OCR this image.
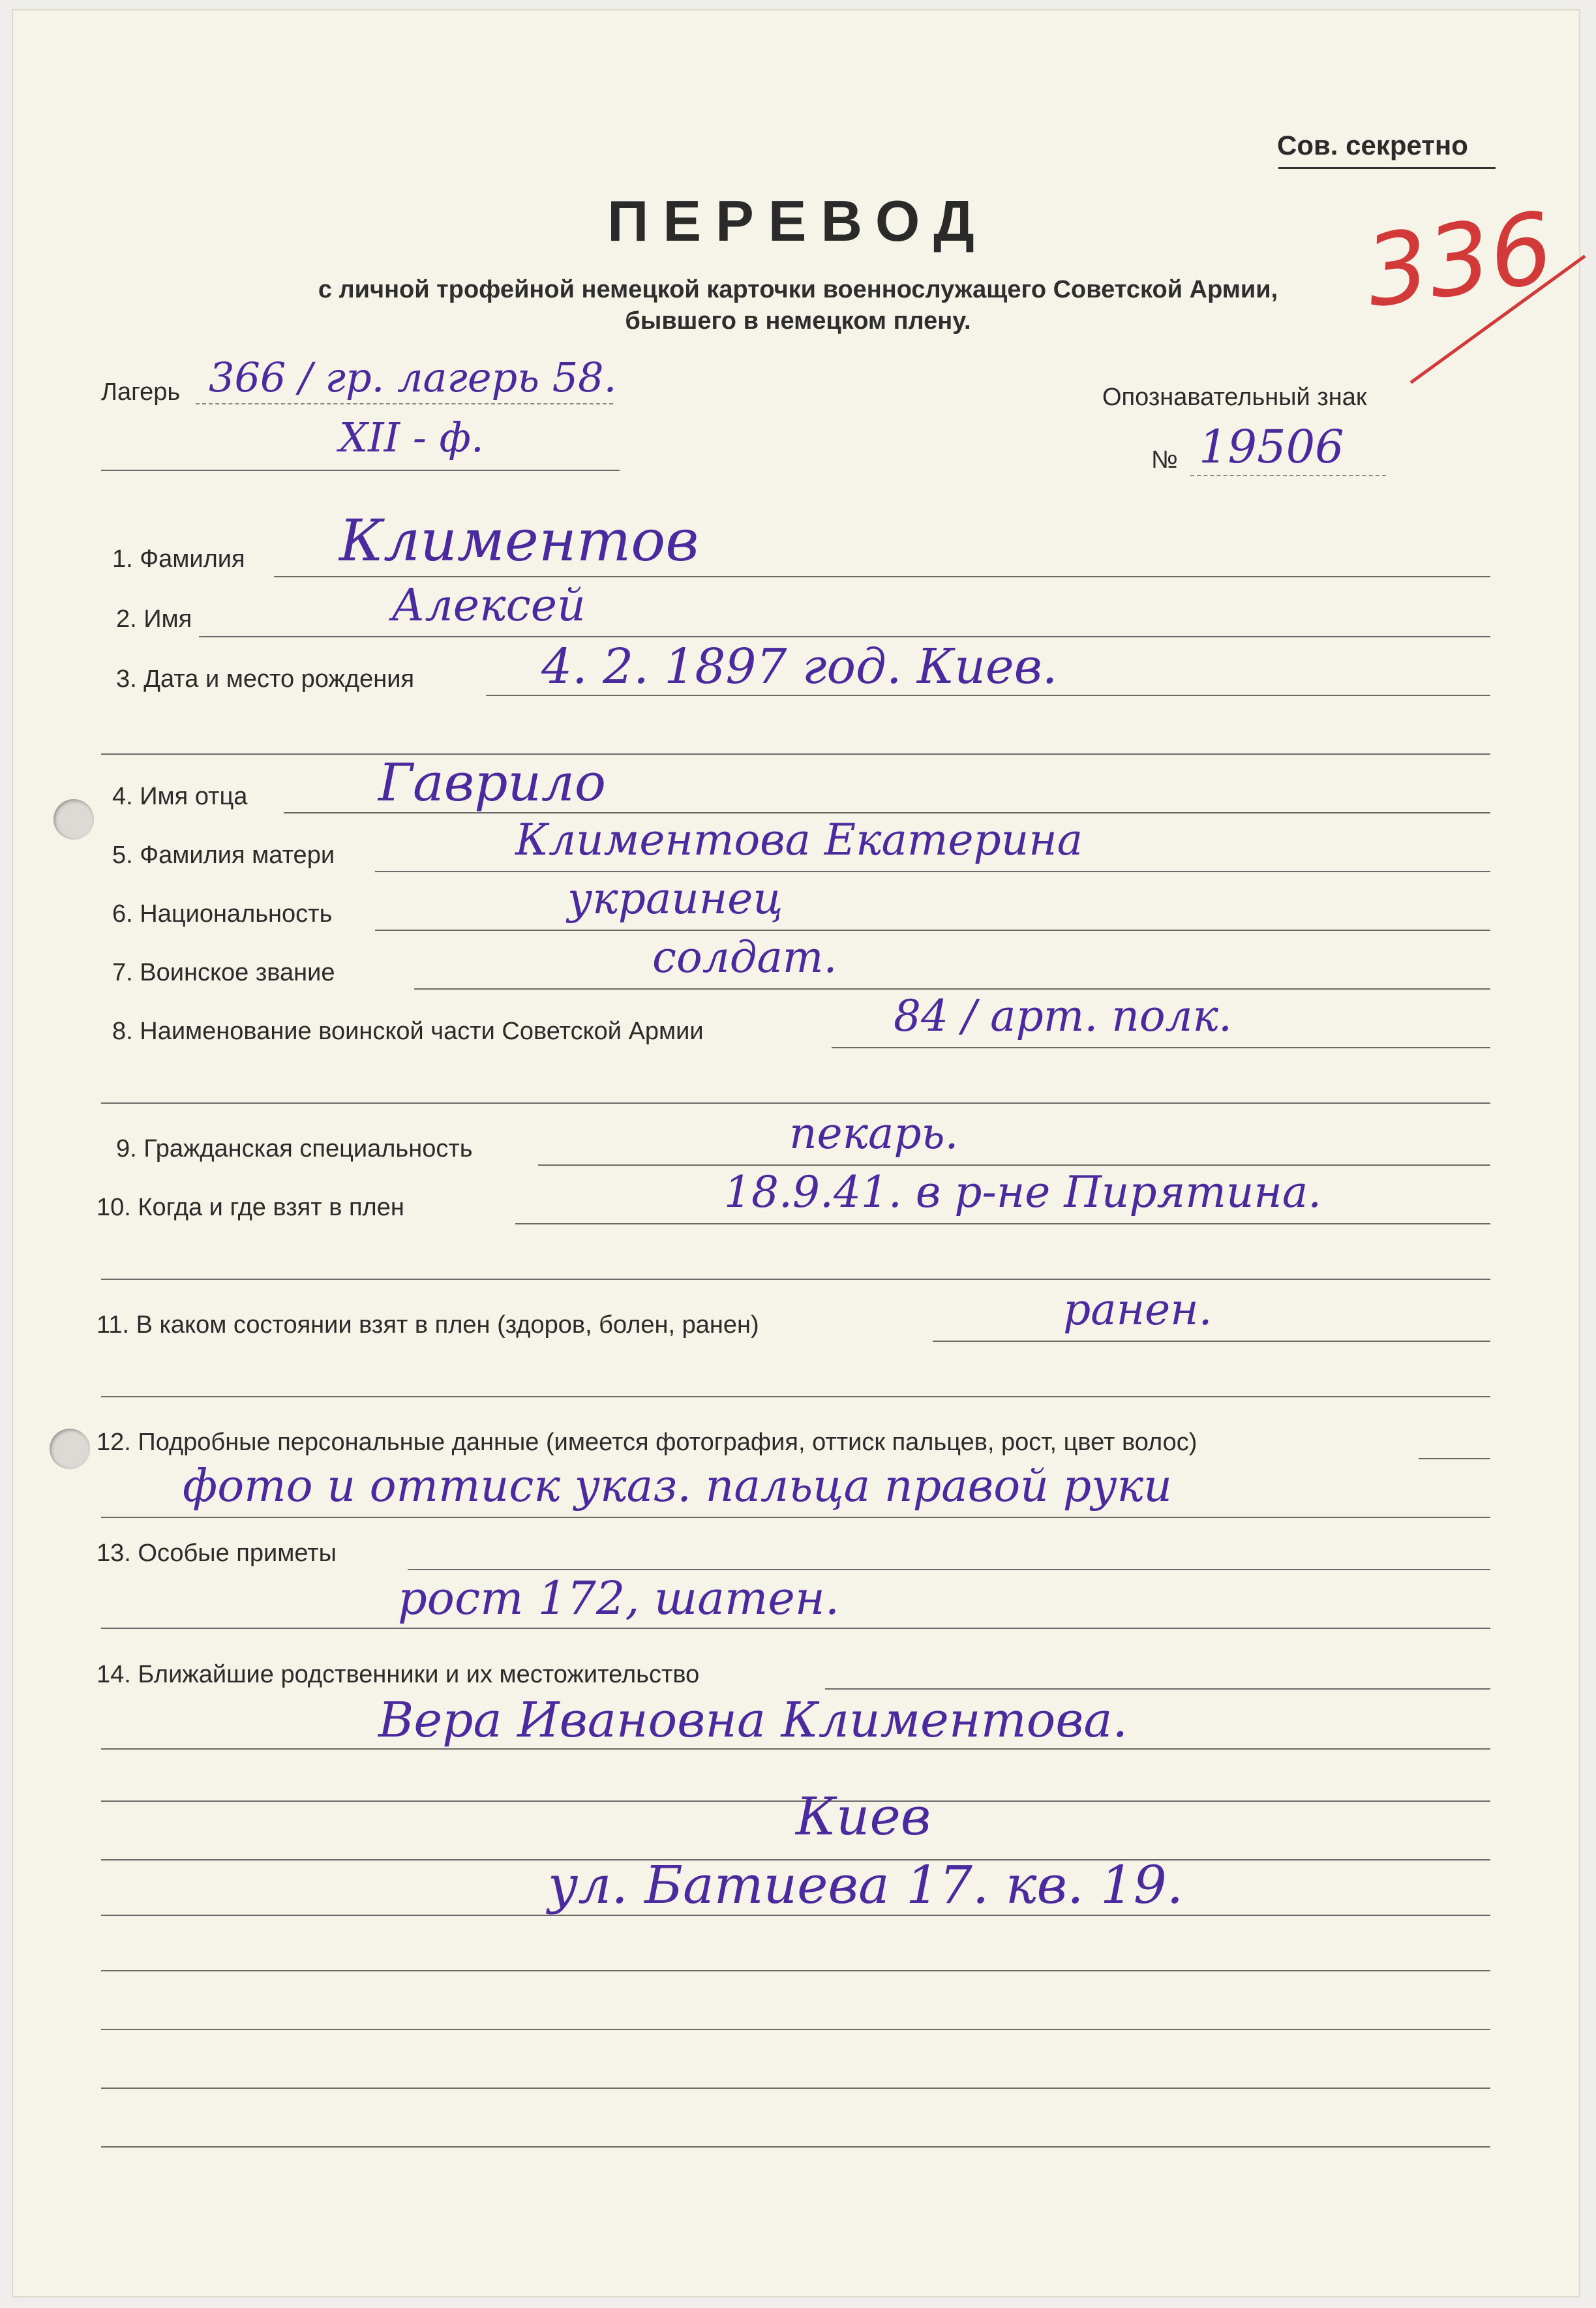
Сов. секретно
336
ПЕРЕВОД
с личной трофейной немецкой карточки военнослужащего Советской Армии,
бывшего в немецком плену.
Лагерь 366 / гр. лагерь 58.
XII - ф.
Опознавательный знак
№ 19506
1. Фамилия Климентов
2. Имя	Алексей
3. Дата и место рождения	4. 2. 1897 год. Киев.
4. Имя отца	Гаврило
5. Фамилия матери	Климентова Екатерина
6. Национальность	украинец
7. Воинское звание	солдат.
8. Наименование воинской части Советской Армии	84 / арт. полк.
9. Гражданская специальность	пекарь.
10. Когда и где взят в плен	18.9.41. в р-не Пирятина.
11. В каком состоянии взят в плен (здоров, болен, ранен)	ранен.
12. Подробные персональные данные (имеется фотография, оттиск пальцев, рост, цвет волос)
фото и оттиск указ. пальца правой руки
13. Особые приметы
рост 172, шатен.
14. Ближайшие родственники и их местожительство
Вера Ивановна Климентова.
Киев
ул. Батиева 17. кв. 19.
